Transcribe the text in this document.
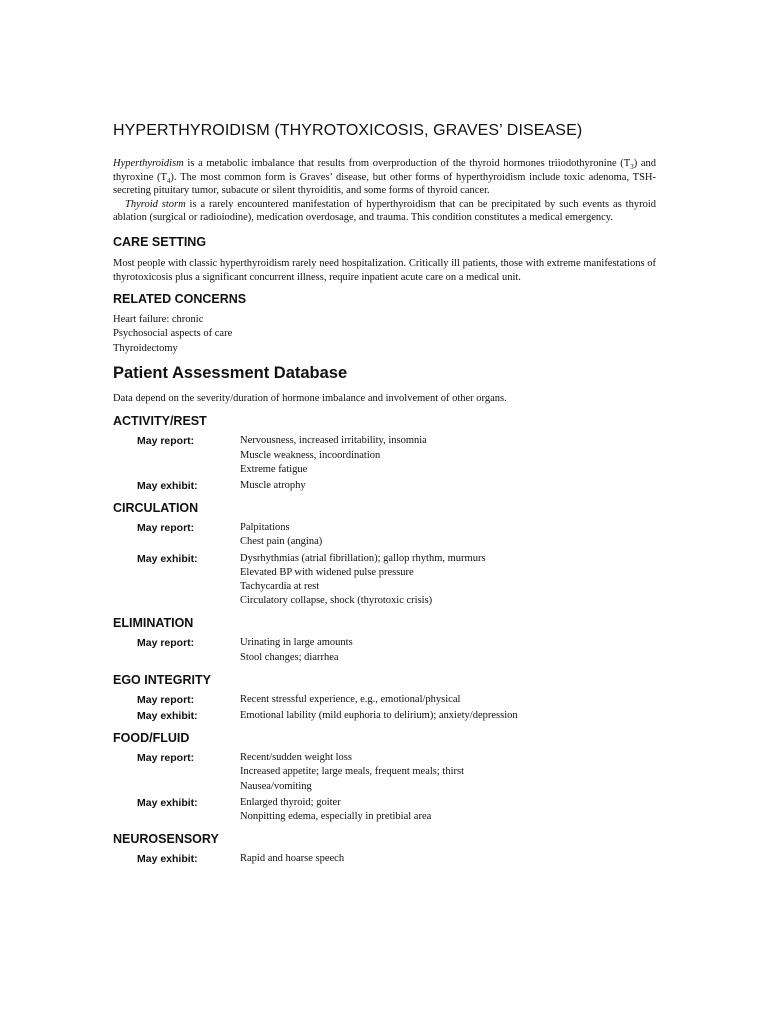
HYPERTHYROIDISM (THYROTOXICOSIS, GRAVES’ DISEASE)

Hyperthyroidism is a metabolic imbalance that results from overproduction of the thyroid hormones triiodothyronine $(T_3)$ and thyroxine $(T_4)$. The most common form is Graves’ disease, but other forms of hyperthyroidism include toxic adenoma, TSH-secreting pituitary tumor, subacute or silent thyroiditis, and some forms of thyroid cancer.

Thyroid storm is a rarely encountered manifestation of hyperthyroidism that can be precipitated by such events as thyroid ablation (surgical or radioiodine), medication overdosage, and trauma. This condition constitutes a medical emergency.

CARE SETTING

Most people with classic hyperthyroidism rarely need hospitalization. Critically ill patients, those with extreme manifestations of thyrotoxicosis plus a significant concurrent illness, require inpatient acute care on a medical unit.

RELATED CONCERNS
Heart failure: chronic
Psychosocial aspects of care
Thyroidectomy
Patient Assessment Database

Data depend on the severity/duration of hormone imbalance and involvement of other organs.

ACTIVITY/REST
May report:	Nervousness, increased irritability, insomnia
Muscle weakness, incoordination
Extreme fatigue
May exhibit:	Muscle atrophy
CIRCULATION
May report:	Palpitations
Chest pain (angina)
May exhibit:	Dysrhythmias (atrial fibrillation); gallop rhythm, murmurs
Elevated BP with widened pulse pressure
Tachycardia at rest
Circulatory collapse, shock (thyrotoxic crisis)
ELIMINATION
May report:	Urinating in large amounts
Stool changes; diarrhea
EGO INTEGRITY
May report:	Recent stressful experience, e.g., emotional/physical
May exhibit:	Emotional lability (mild euphoria to delirium); anxiety/depression
FOOD/FLUID
May report:	Recent/sudden weight loss
Increased appetite; large meals, frequent meals; thirst
Nausea/vomiting
May exhibit:	Enlarged thyroid; goiter
Nonpitting edema, especially in pretibial area
NEUROSENSORY
May exhibit:	Rapid and hoarse speech
